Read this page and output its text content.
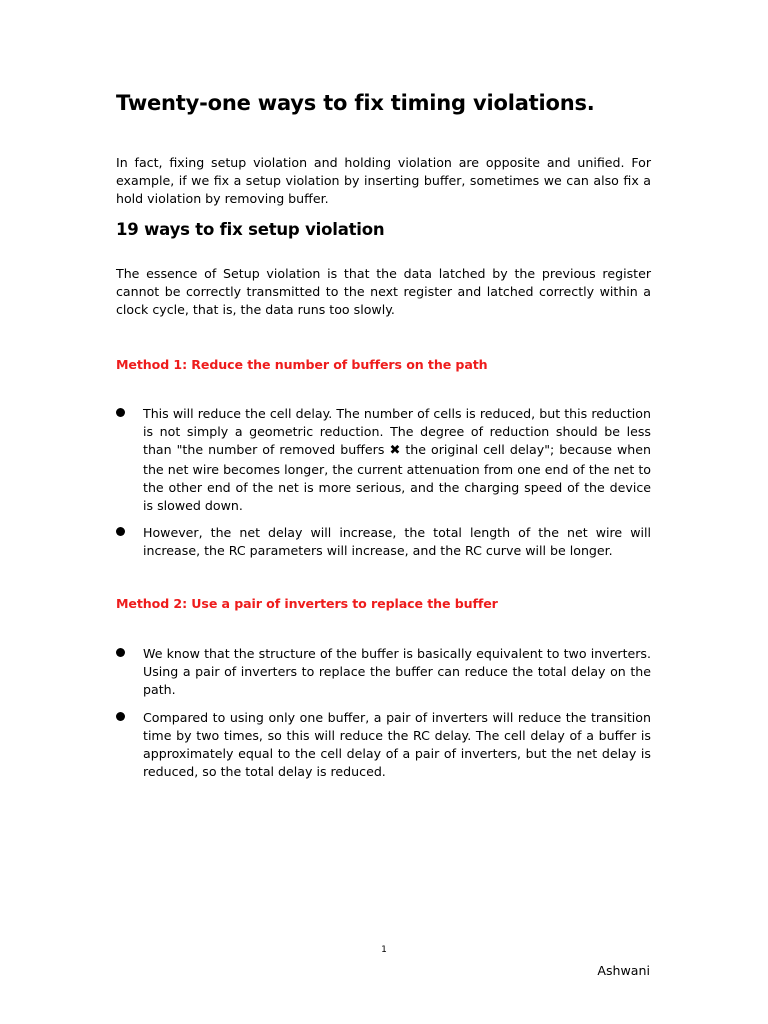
Twenty-one ways to fix timing violations.

In fact, fixing setup violation and holding violation are opposite and unified. For example, if we fix a setup violation by inserting buffer, sometimes we can also fix a hold violation by removing buffer.

19 ways to fix setup violation

The essence of Setup violation is that the data latched by the previous register cannot be correctly transmitted to the next register and latched correctly within a clock cycle, that is, the data runs too slowly.

Method 1: Reduce the number of buffers on the path

This will reduce the cell delay. The number of cells is reduced, but this reduction is not simply a geometric reduction. The degree of reduction should be less than "the number of removed buffers ✖ the original cell delay"; because when the net wire becomes longer, the current attenuation from one end of the net to the other end of the net is more serious, and the charging speed of the device is slowed down.
However, the net delay will increase, the total length of the net wire will increase, the RC parameters will increase, and the RC curve will be longer.

Method 2: Use a pair of inverters to replace the buffer

We know that the structure of the buffer is basically equivalent to two inverters. Using a pair of inverters to replace the buffer can reduce the total delay on the path.
Compared to using only one buffer, a pair of inverters will reduce the transition time by two times, so this will reduce the RC delay. The cell delay of a buffer is approximately equal to the cell delay of a pair of inverters, but the net delay is reduced, so the total delay is reduced.

1

Ashwani
